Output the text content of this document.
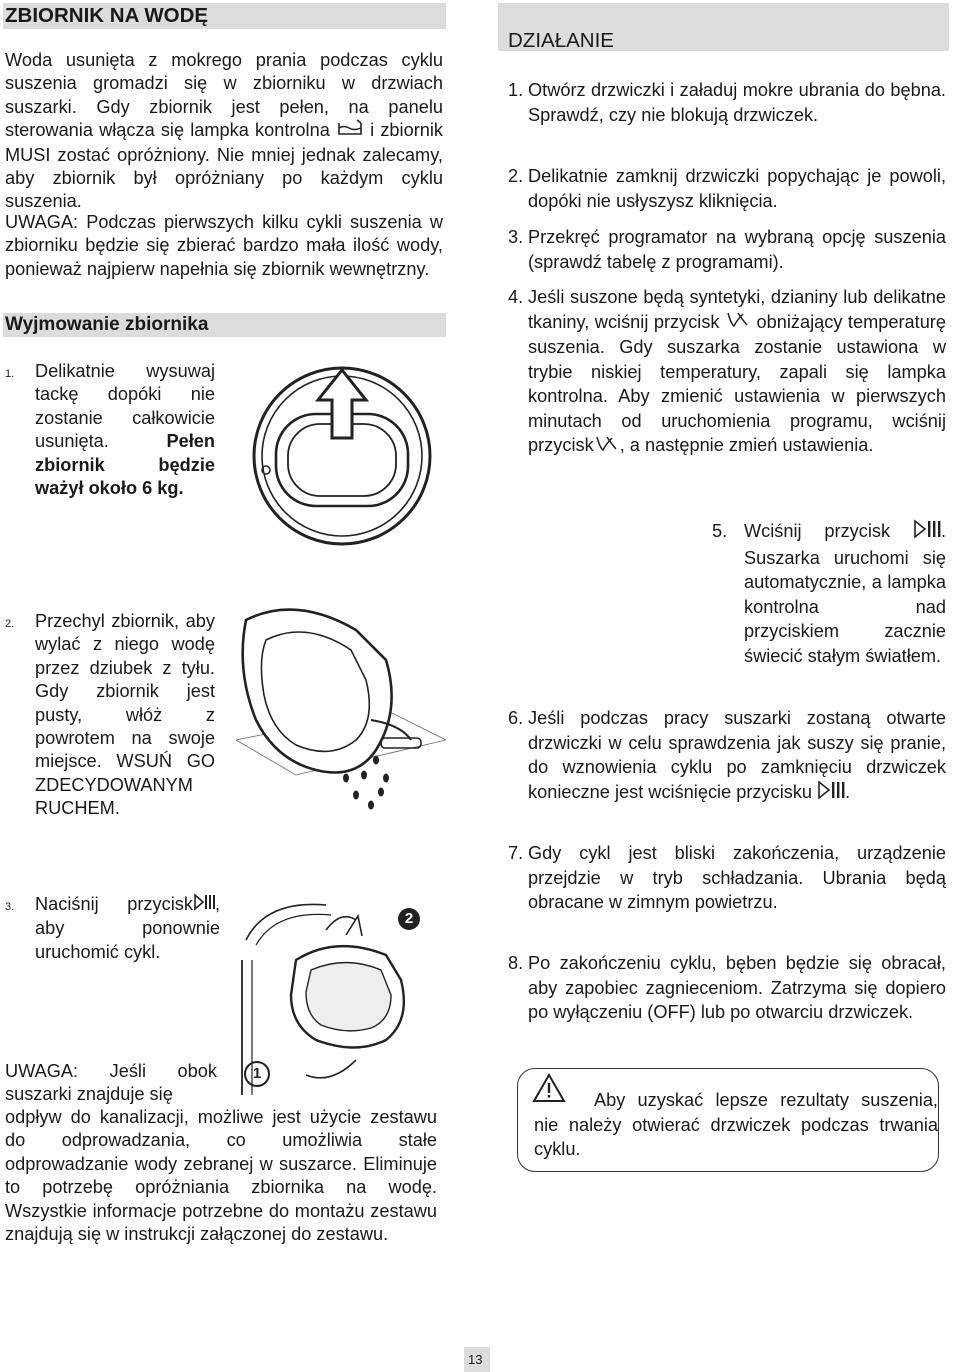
ZBIORNIK NA WODĘ
Woda usunięta z mokrego prania podczas cyklu suszenia gromadzi się w zbiorniku w drzwiach suszarki. Gdy zbiornik jest pełen, na panelu sterowania włącza się lampka kontrolna i zbiornik MUSI zostać opróżniony. Nie mniej jednak zalecamy, aby zbiornik był opróżniany po każdym cyklu suszenia.
UWAGA: Podczas pierwszych kilku cykli suszenia w zbiorniku będzie się zbierać bardzo mała ilość wody, ponieważ najpierw napełnia się zbiornik wewnętrzny.
Wyjmowanie zbiornika
1. Delikatnie wysuwaj tackę dopóki nie zostanie całkowicie usunięta.	Pełen zbiornik będzie ważył około 6 kg.
2. Przechyl zbiornik, aby wylać z niego wodę przez dziubek z tyłu. Gdy zbiornik jest pusty, włóż z powrotem na swoje miejsce. WSUŃ GO ZDECYDOWANYM RUCHEM.
3. Naciśnij przycisk , aby ponownie uruchomić cykl.
2
1
UWAGA: Jeśli obok suszarki znajduje się
odpływ do kanalizacji, możliwe jest użycie zestawu do odprowadzania, co umożliwia stałe odprowadzanie wody zebranej w suszarce. Eliminuje to potrzebę opróżniania zbiornika na wodę. Wszystkie informacje potrzebne do montażu zestawu znajdują się w instrukcji załączonej do zestawu.
DZIAŁANIE
1. Otwórz drzwiczki i załaduj mokre ubrania do bębna. Sprawdź, czy nie blokują drzwiczek.
2. Delikatnie zamknij drzwiczki popychając je powoli, dopóki nie usłyszysz kliknięcia.
3. Przekręć programator na wybraną opcję suszenia (sprawdź tabelę z programami).
4. Jeśli suszone będą syntetyki, dzianiny lub delikatne tkaniny, wciśnij przycisk obniżający temperaturę suszenia. Gdy suszarka zostanie ustawiona w trybie niskiej temperatury, zapali się lampka kontrolna. Aby zmienić ustawienia w pierwszych minutach od uruchomienia programu, wciśnij przycisk , a następnie zmień ustawienia.
5. Wciśnij przycisk	. Suszarka uruchomi się automatycznie, a lampka kontrolna nad przyciskiem zacznie świecić stałym światłem.
6. Jeśli podczas pracy suszarki zostaną otwarte drzwiczki w celu sprawdzenia jak suszy się pranie, do wznowienia cyklu po zamknięciu drzwiczek konieczne jest wciśnięcie przycisku .
7. Gdy cykl jest bliski zakończenia, urządzenie przejdzie w tryb schładzania. Ubrania będą obracane w zimnym powietrzu.
8. Po zakończeniu cyklu, bęben będzie się obracał, aby zapobiec zagnieceniom. Zatrzyma się dopiero po wyłączeniu (OFF) lub po otwarciu drzwiczek.
Aby uzyskać lepsze rezultaty suszenia, nie należy otwierać drzwiczek podczas trwania cyklu.
13
